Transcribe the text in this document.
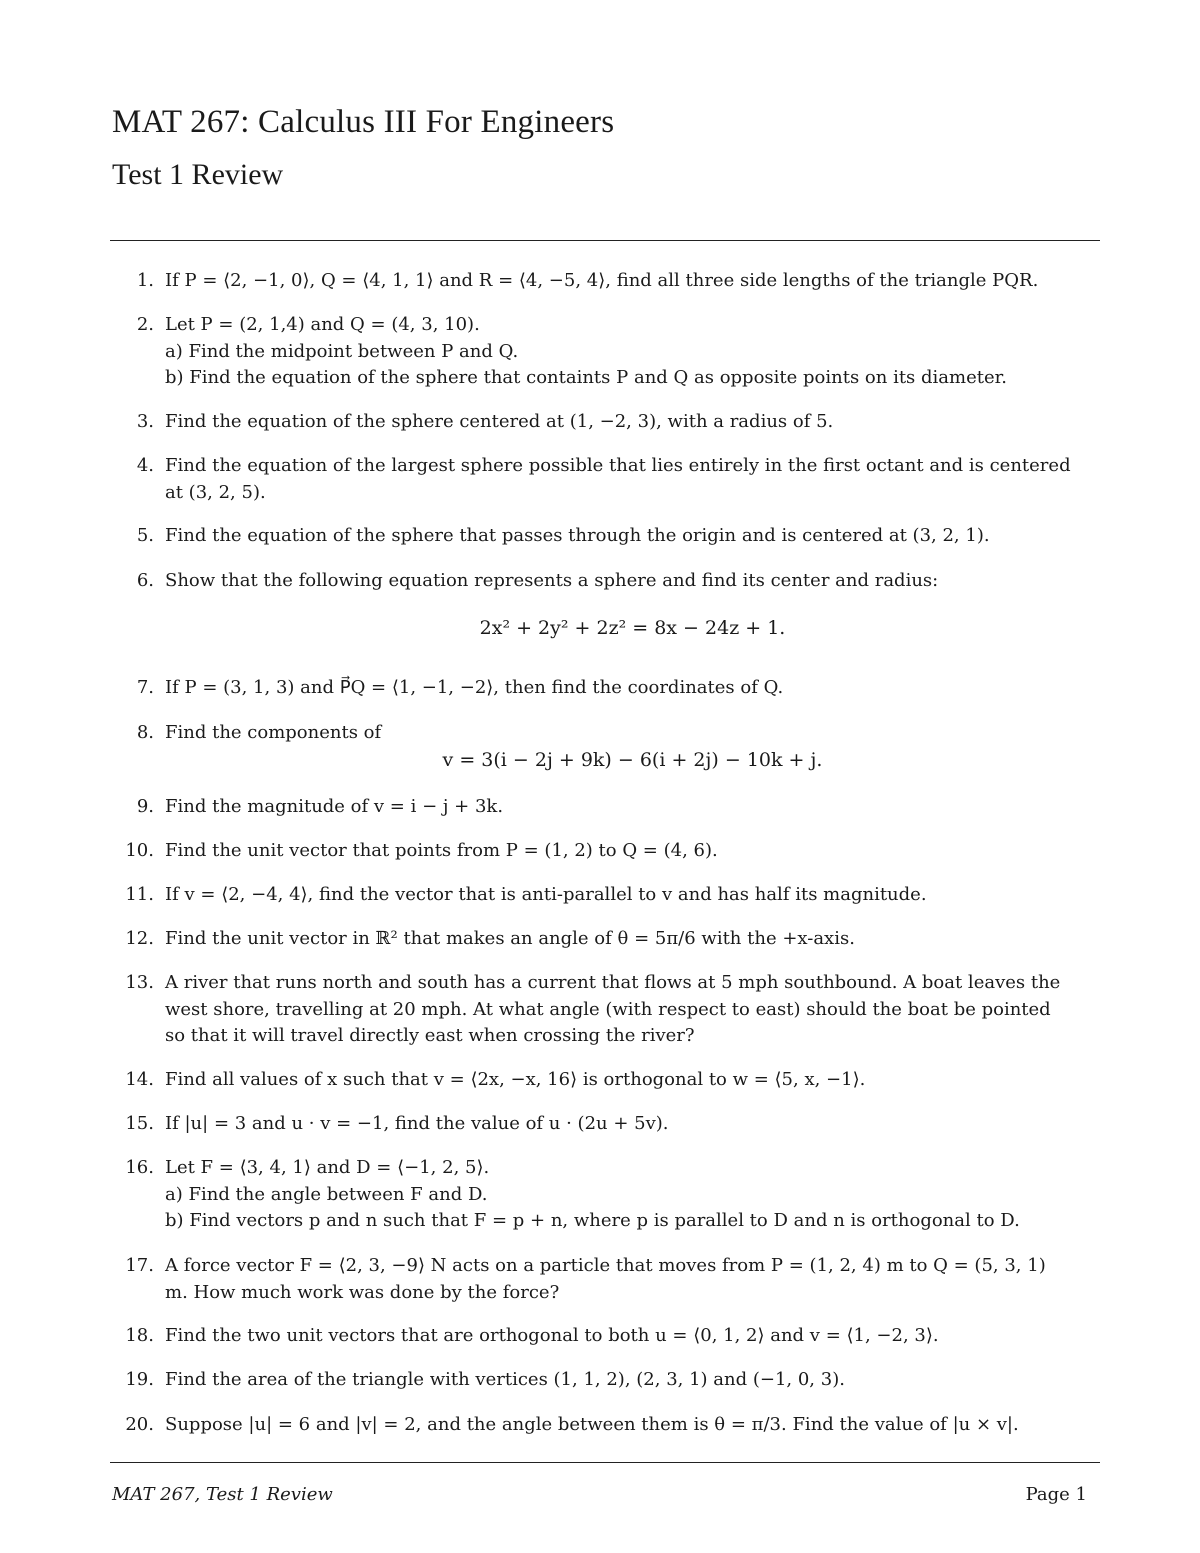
MAT 267: Calculus III For Engineers
Test 1 Review
1. If P = ⟨2, −1, 0⟩, Q = ⟨4, 1, 1⟩ and R = ⟨4, −5, 4⟩, find all three side lengths of the triangle PQR.
2. Let P = (2, 1,4) and Q = (4, 3, 10).
a) Find the midpoint between P and Q.
b) Find the equation of the sphere that containts P and Q as opposite points on its diameter.
3. Find the equation of the sphere centered at (1, −2, 3), with a radius of 5.
4. Find the equation of the largest sphere possible that lies entirely in the first octant and is centered
at (3, 2, 5).
5. Find the equation of the sphere that passes through the origin and is centered at (3, 2, 1).
6. Show that the following equation represents a sphere and find its center and radius:
2x² + 2y² + 2z² = 8x − 24z + 1.
7. If P = (3, 1, 3) and P⃗Q = ⟨1, −1, −2⟩, then find the coordinates of Q.
8. Find the components of
v = 3(i − 2j + 9k) − 6(i + 2j) − 10k + j.
9. Find the magnitude of v = i − j + 3k.
10. Find the unit vector that points from P = (1, 2) to Q = (4, 6).
11. If v = ⟨2, −4, 4⟩, find the vector that is anti-parallel to v and has half its magnitude.
12. Find the unit vector in ℝ² that makes an angle of θ = 5π/6 with the +x-axis.
13. A river that runs north and south has a current that flows at 5 mph southbound. A boat leaves the
west shore, travelling at 20 mph. At what angle (with respect to east) should the boat be pointed
so that it will travel directly east when crossing the river?
14. Find all values of x such that v = ⟨2x, −x, 16⟩ is orthogonal to w = ⟨5, x, −1⟩.
15. If |u| = 3 and u · v = −1, find the value of u · (2u + 5v).
16. Let F = ⟨3, 4, 1⟩ and D = ⟨−1, 2, 5⟩.
a) Find the angle between F and D.
b) Find vectors p and n such that F = p + n, where p is parallel to D and n is orthogonal to D.
17. A force vector F = ⟨2, 3, −9⟩ N acts on a particle that moves from P = (1, 2, 4) m to Q = (5, 3, 1)
m. How much work was done by the force?
18. Find the two unit vectors that are orthogonal to both u = ⟨0, 1, 2⟩ and v = ⟨1, −2, 3⟩.
19. Find the area of the triangle with vertices (1, 1, 2), (2, 3, 1) and (−1, 0, 3).
20. Suppose |u| = 6 and |v| = 2, and the angle between them is θ = π/3. Find the value of |u × v|.
MAT 267, Test 1 Review	Page 1
